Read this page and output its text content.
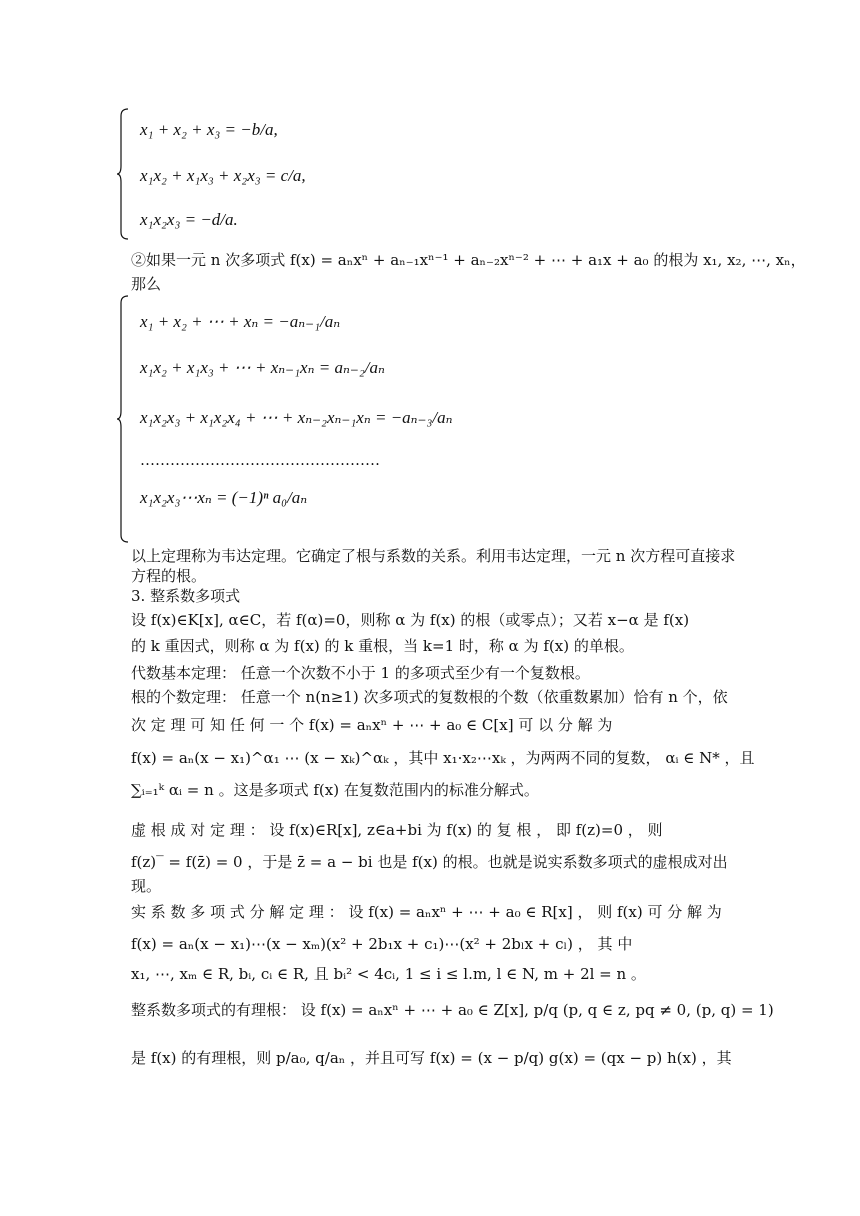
x₁ + x₂ + x₃ = −b/a,
x₁x₂ + x₁x₃ + x₂x₃ = c/a,
x₁x₂x₃ = −d/a.
②如果一元 n 次多项式 f(x) = aₙxⁿ + aₙ₋₁xⁿ⁻¹ + aₙ₋₂xⁿ⁻² + ⋯ + a₁x + a₀ 的根为 x₁, x₂, ⋯, xₙ，
那么
x₁ + x₂ + ⋯ + xₙ = −aₙ₋₁/aₙ
x₁x₂ + x₁x₃ + ⋯ + xₙ₋₁xₙ = aₙ₋₂/aₙ
x₁x₂x₃ + x₁x₂x₄ + ⋯ + xₙ₋₂xₙ₋₁xₙ = −aₙ₋₃/aₙ
…………………………………………
x₁x₂x₃⋯xₙ = (−1)ⁿ a₀/aₙ
以上定理称为韦达定理。它确定了根与系数的关系。利用韦达定理，一元 n 次方程可直接求
方程的根。
3. 整系数多项式
设 f(x)∈K[x], α∈C，若 f(α)=0，则称 α 为 f(x) 的根（或零点）；又若 x−α 是 f(x)
的 k 重因式，则称 α 为 f(x) 的 k 重根，当 k=1 时，称 α 为 f(x) 的单根。
代数基本定理： 任意一个次数不小于 1 的多项式至少有一个复数根。
根的个数定理： 任意一个 n(n≥1) 次多项式的复数根的个数（依重数累加）恰有 n 个，依
次 定 理 可 知 任 何 一 个 f(x) = aₙxⁿ + ⋯ + a₀ ∈ C[x] 可 以 分 解 为
f(x) = aₙ(x − x₁)^α₁ ⋯ (x − xₖ)^αₖ ，其中 x₁·x₂⋯xₖ ，为两两不同的复数， αᵢ ∈ N* ，且
∑ᵢ₌₁ᵏ αᵢ = n 。这是多项式 f(x) 在复数范围内的标准分解式。
虚 根 成 对 定 理 ： 设 f(x)∈R[x], z∈a+bi 为 f(x) 的 复 根 ， 即 f(z)=0 ， 则
f(z)‾ = f(z̄) = 0 ，于是 z̄ = a − bi 也是 f(x) 的根。也就是说实系数多项式的虚根成对出
现。
实 系 数 多 项 式 分 解 定 理 ： 设 f(x) = aₙxⁿ + ⋯ + a₀ ∈ R[x] ， 则 f(x) 可 分 解 为
f(x) = aₙ(x − x₁)⋯(x − xₘ)(x² + 2b₁x + c₁)⋯(x² + 2bₗx + cₗ) ， 其 中
x₁, ⋯, xₘ ∈ R, bᵢ, cᵢ ∈ R, 且 bᵢ² < 4cᵢ, 1 ≤ i ≤ l.m, l ∈ N, m + 2l = n 。
整系数多项式的有理根： 设 f(x) = aₙxⁿ + ⋯ + a₀ ∈ Z[x], p/q (p, q ∈ z, pq ≠ 0, (p, q) = 1)
是 f(x) 的有理根，则 p/a₀, q/aₙ ，并且可写 f(x) = (x − p/q) g(x) = (qx − p) h(x) ，其
